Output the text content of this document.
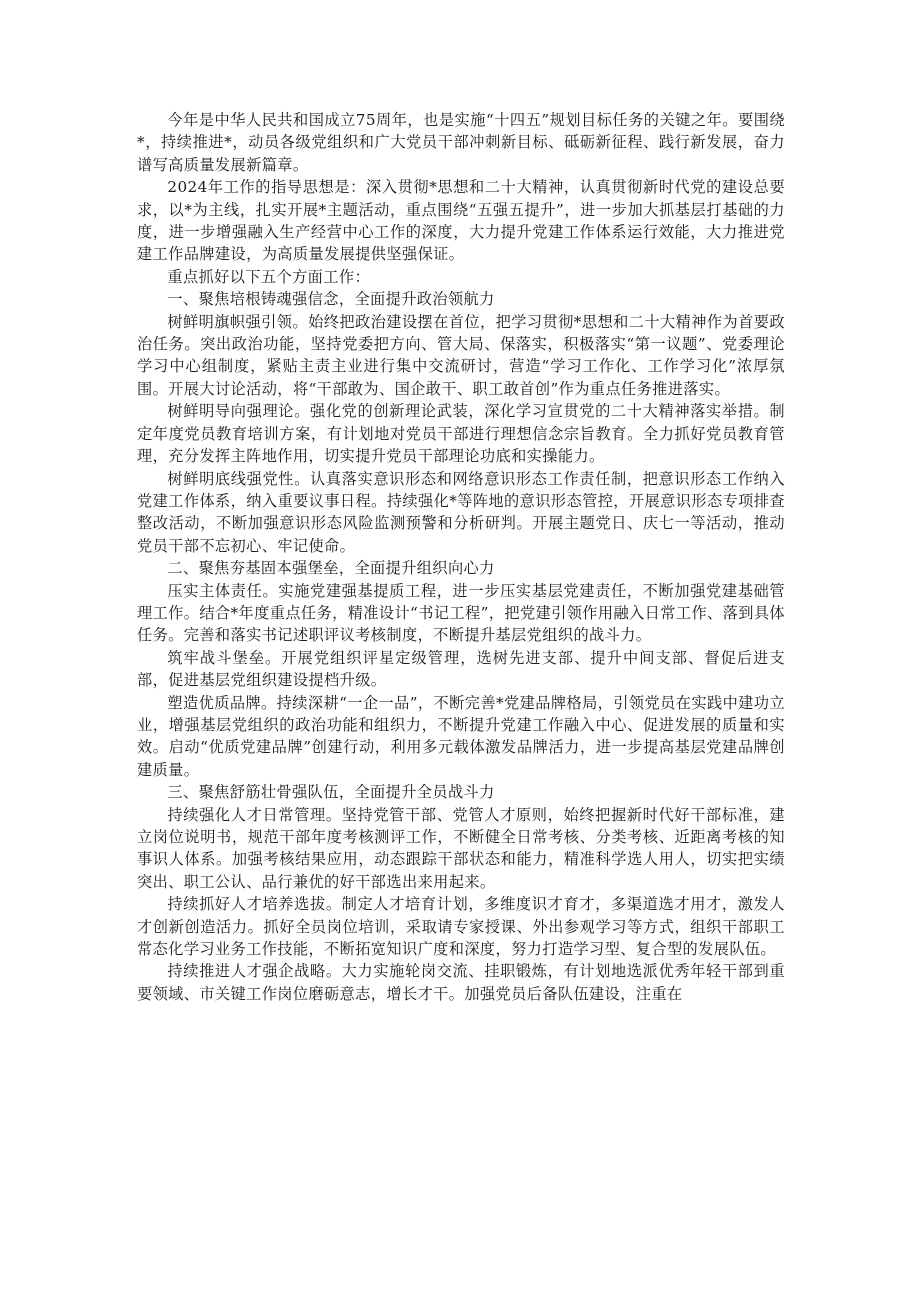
今年是中华人民共和国成立75周年，也是实施“十四五”规划目标任务的关键之年。要围绕*，持续推进*，动员各级党组织和广大党员干部冲刺新目标、砥砺新征程、践行新发展，奋力谱写高质量发展新篇章。

2024年工作的指导思想是：深入贯彻*思想和二十大精神，认真贯彻新时代党的建设总要求，以*为主线，扎实开展*主题活动，重点围绕“五强五提升”，进一步加大抓基层打基础的力度，进一步增强融入生产经营中心工作的深度，大力提升党建工作体系运行效能，大力推进党建工作品牌建设，为高质量发展提供坚强保证。

重点抓好以下五个方面工作：

一、聚焦培根铸魂强信念，全面提升政治领航力

树鲜明旗帜强引领。始终把政治建设摆在首位，把学习贯彻*思想和二十大精神作为首要政治任务。突出政治功能，坚持党委把方向、管大局、保落实，积极落实“第一议题”、党委理论学习中心组制度，紧贴主责主业进行集中交流研讨，营造“学习工作化、工作学习化”浓厚氛围。开展大讨论活动，将“干部敢为、国企敢干、职工敢首创”作为重点任务推进落实。

树鲜明导向强理论。强化党的创新理论武装，深化学习宣贯党的二十大精神落实举措。制定年度党员教育培训方案，有计划地对党员干部进行理想信念宗旨教育。全力抓好党员教育管理，充分发挥主阵地作用，切实提升党员干部理论功底和实操能力。

树鲜明底线强党性。认真落实意识形态和网络意识形态工作责任制，把意识形态工作纳入党建工作体系，纳入重要议事日程。持续强化*等阵地的意识形态管控，开展意识形态专项排查整改活动，不断加强意识形态风险监测预警和分析研判。开展主题党日、庆七一等活动，推动党员干部不忘初心、牢记使命。

二、聚焦夯基固本强堡垒，全面提升组织向心力

压实主体责任。实施党建强基提质工程，进一步压实基层党建责任，不断加强党建基础管理工作。结合*年度重点任务，精准设计“书记工程”，把党建引领作用融入日常工作、落到具体任务。完善和落实书记述职评议考核制度，不断提升基层党组织的战斗力。

筑牢战斗堡垒。开展党组织评星定级管理，选树先进支部、提升中间支部、督促后进支部，促进基层党组织建设提档升级。

塑造优质品牌。持续深耕“一企一品”，不断完善*党建品牌格局，引领党员在实践中建功立业，增强基层党组织的政治功能和组织力，不断提升党建工作融入中心、促进发展的质量和实效。启动“优质党建品牌”创建行动，利用多元载体激发品牌活力，进一步提高基层党建品牌创建质量。

三、聚焦舒筋壮骨强队伍，全面提升全员战斗力

持续强化人才日常管理。坚持党管干部、党管人才原则，始终把握新时代好干部标准，建立岗位说明书，规范干部年度考核测评工作，不断健全日常考核、分类考核、近距离考核的知事识人体系。加强考核结果应用，动态跟踪干部状态和能力，精准科学选人用人，切实把实绩突出、职工公认、品行兼优的好干部选出来用起来。

持续抓好人才培养选拔。制定人才培育计划，多维度识才育才，多渠道选才用才，激发人才创新创造活力。抓好全员岗位培训，采取请专家授课、外出参观学习等方式，组织干部职工常态化学习业务工作技能，不断拓宽知识广度和深度，努力打造学习型、复合型的发展队伍。

持续推进人才强企战略。大力实施轮岗交流、挂职锻炼，有计划地选派优秀年轻干部到重要领域、市关键工作岗位磨砺意志，增长才干。加强党员后备队伍建设，注重在
